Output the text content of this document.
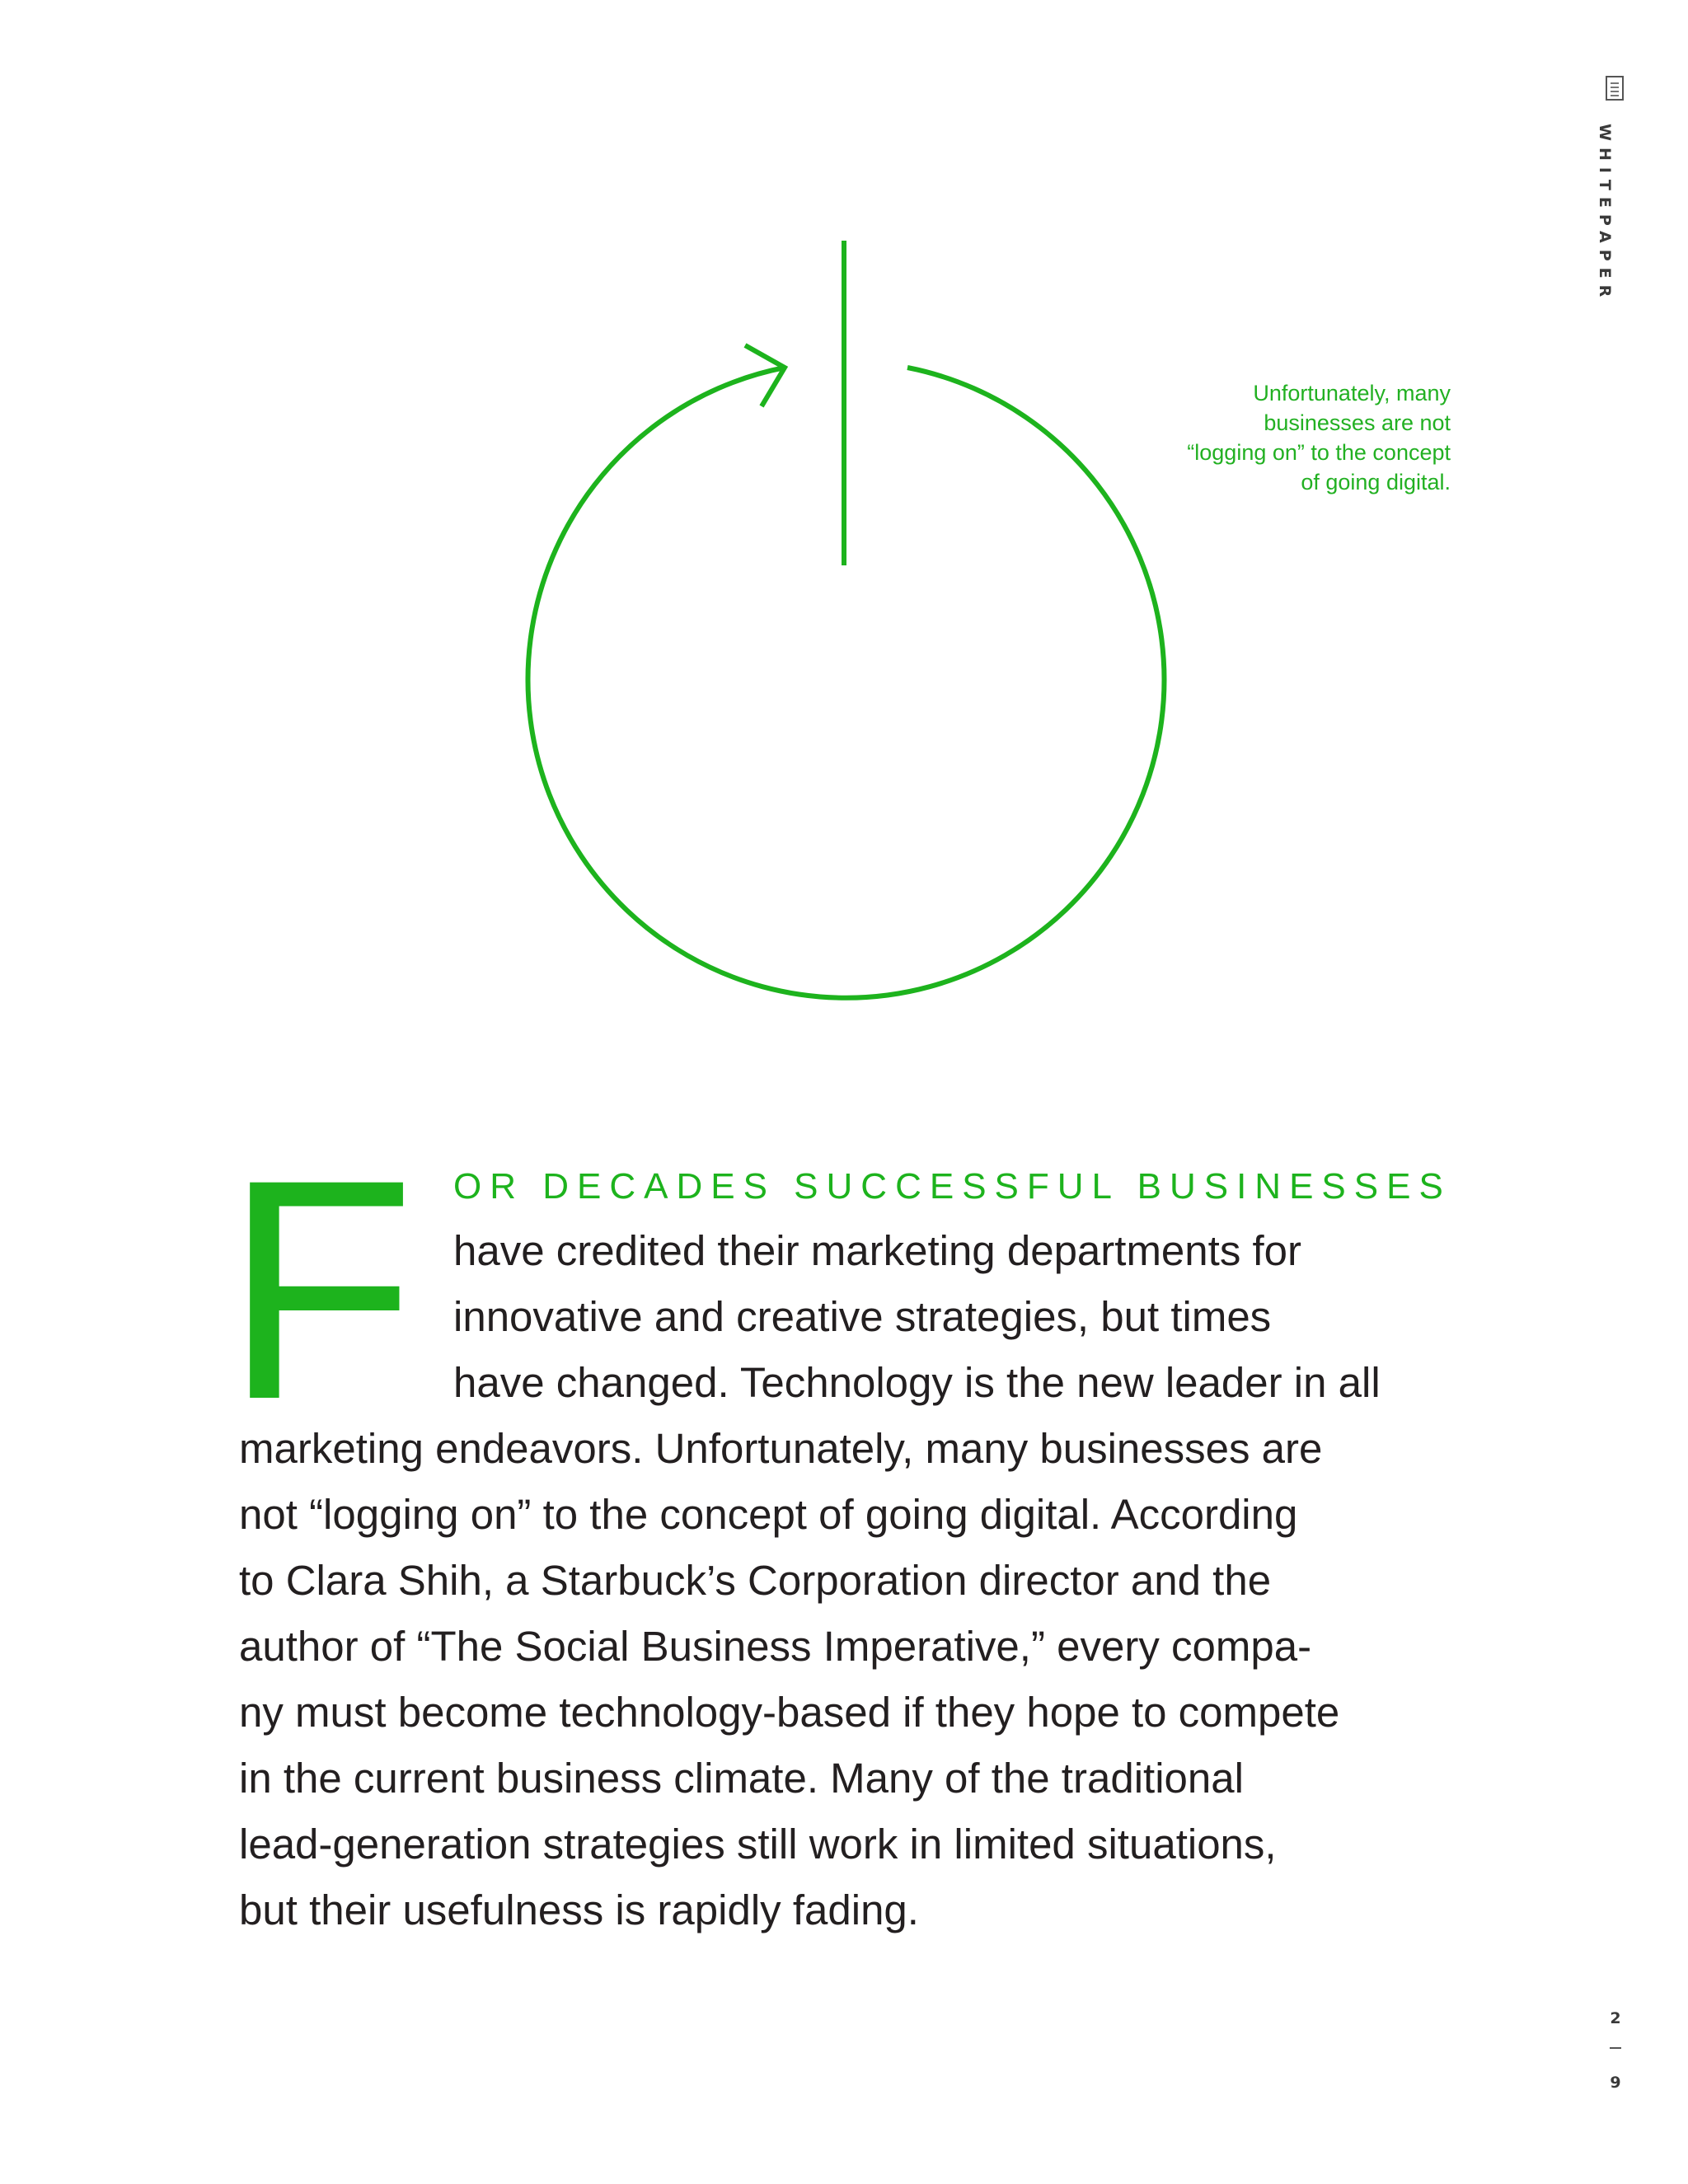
WHITEPAPER
2
9
Unfortunately, many
businesses are not
“logging on” to the concept
of going digital.
F OR DECADES SUCCESSFUL BUSINESSES
have credited their marketing departments for
innovative and creative strategies, but times
have changed. Technology is the new leader in all
marketing endeavors. Unfortunately, many businesses are
not “logging on” to the concept of going digital. According
to Clara Shih, a Starbuck’s Corporation director and the
author of “The Social Business Imperative,” every compa-
ny must become technology-based if they hope to compete
in the current business climate. Many of the traditional
lead-generation strategies still work in limited situations,
but their usefulness is rapidly fading.
